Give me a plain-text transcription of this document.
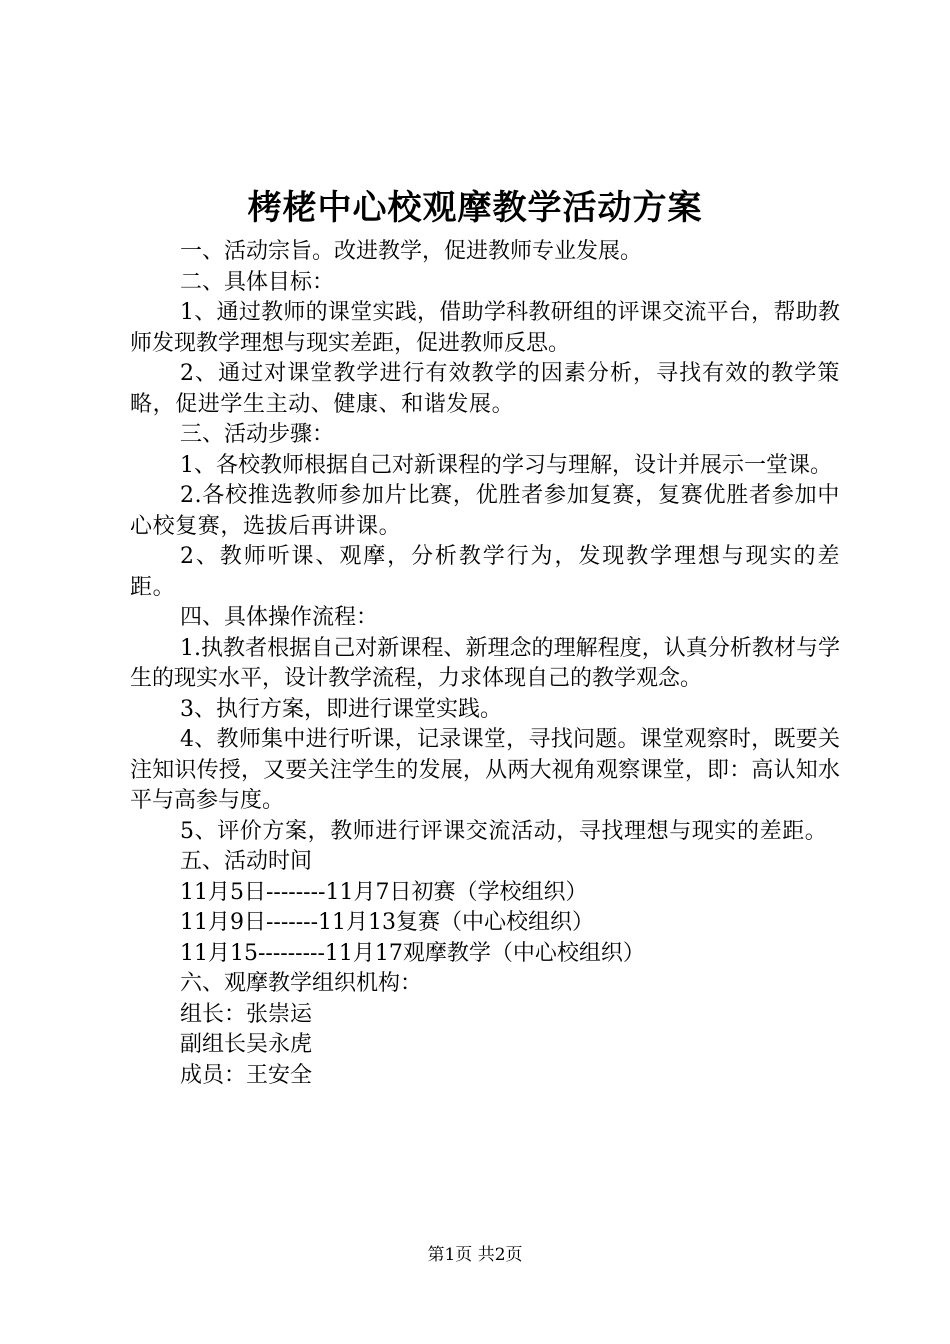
栲栳中心校观摩教学活动方案

一、活动宗旨。改进教学，促进教师专业发展。

二、具体目标：

1、通过教师的课堂实践，借助学科教研组的评课交流平台，帮助教师发现教学理想与现实差距，促进教师反思。

2、通过对课堂教学进行有效教学的因素分析，寻找有效的教学策略，促进学生主动、健康、和谐发展。

三、活动步骤：

1、各校教师根据自己对新课程的学习与理解，设计并展示一堂课。

2.各校推选教师参加片比赛，优胜者参加复赛，复赛优胜者参加中心校复赛，选拔后再讲课。

2、教师听课、观摩，分析教学行为，发现教学理想与现实的差距。

四、具体操作流程：

1.执教者根据自己对新课程、新理念的理解程度，认真分析教材与学生的现实水平，设计教学流程，力求体现自己的教学观念。

3、执行方案，即进行课堂实践。

4、教师集中进行听课，记录课堂，寻找问题。课堂观察时，既要关注知识传授，又要关注学生的发展，从两大视角观察课堂，即：高认知水平与高参与度。

5、评价方案，教师进行评课交流活动，寻找理想与现实的差距。

五、活动时间

11月5日--------11月7日初赛（学校组织）

11月9日-------11月13复赛（中心校组织）

11月15---------11月17观摩教学（中心校组织）

六、观摩教学组织机构：

组长：张崇运

副组长吴永虎

成员：王安全

第1页 共2页
